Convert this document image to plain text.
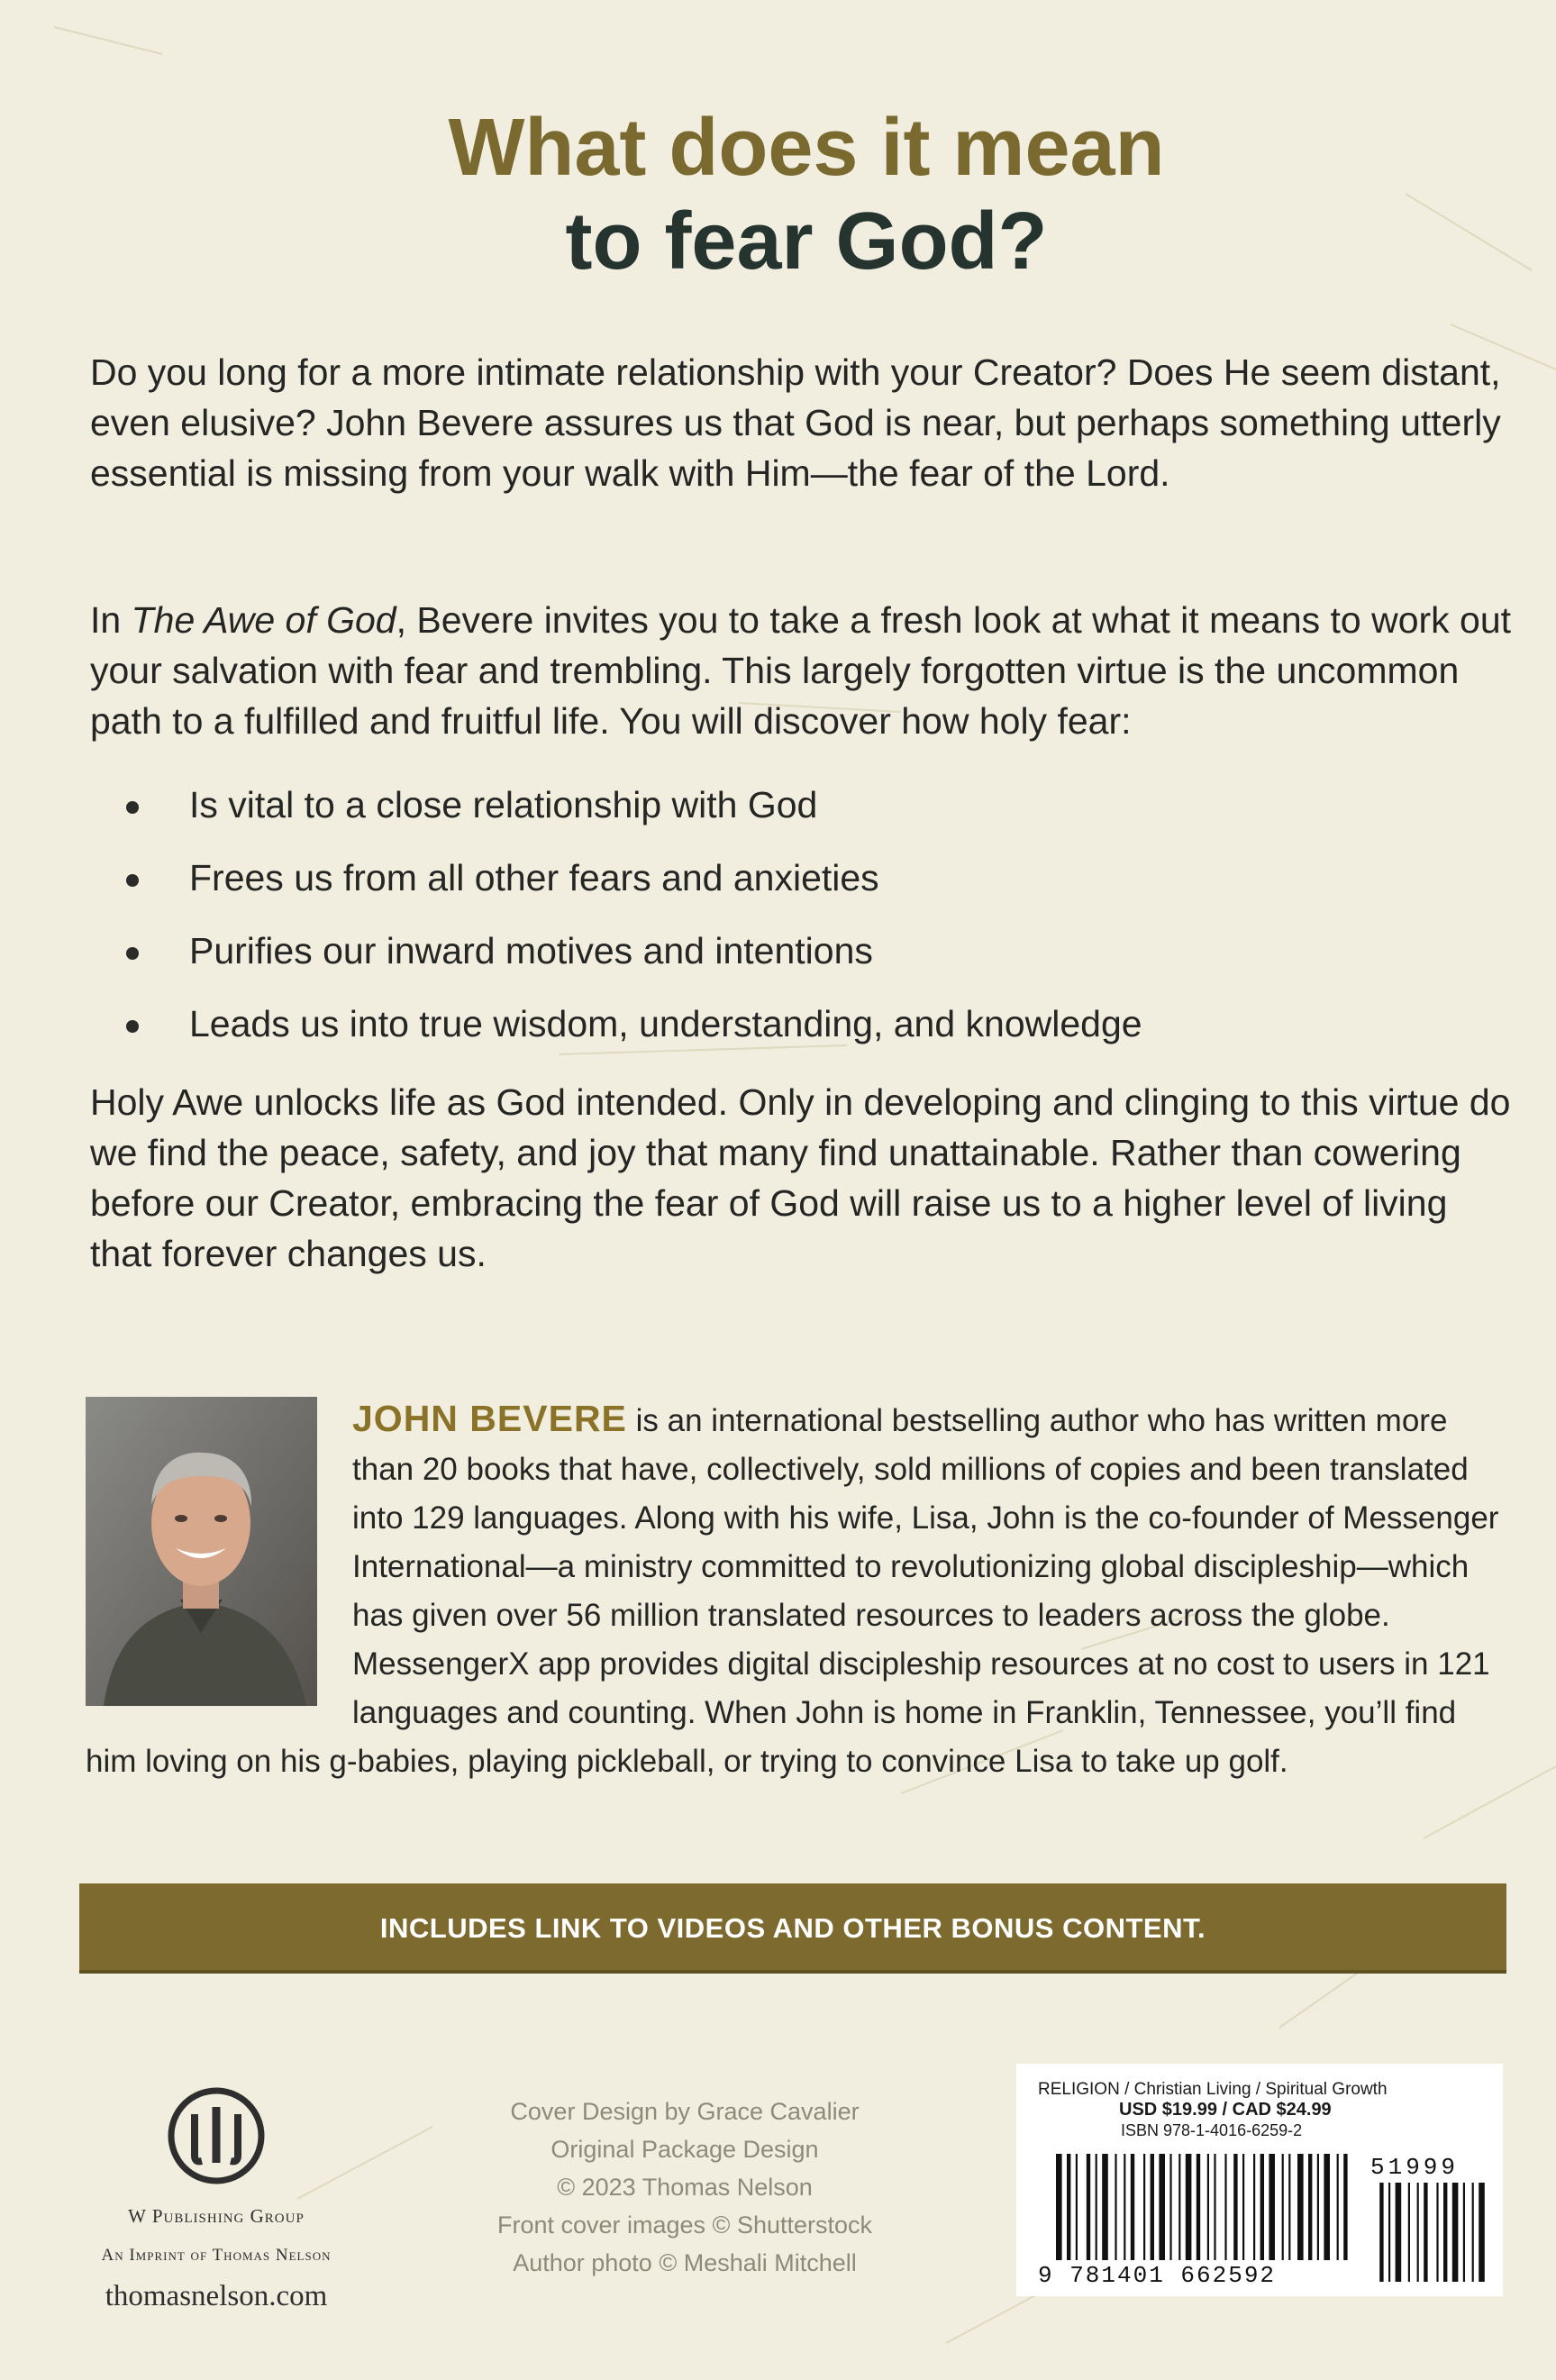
What does it mean
to fear God?

Do you long for a more intimate relationship with your Creator? Does He seem distant, even elusive? John Bevere assures us that God is near, but perhaps something utterly essential is missing from your walk with Him—the fear of the Lord.

In The Awe of God, Bevere invites you to take a fresh look at what it means to work out your salvation with fear and trembling. This largely forgotten virtue is the uncommon path to a fulfilled and fruitful life. You will discover how holy fear:

Is vital to a close relationship with God
Frees us from all other fears and anxieties
Purifies our inward motives and intentions
Leads us into true wisdom, understanding, and knowledge

Holy Awe unlocks life as God intended. Only in developing and clinging to this virtue do we find the peace, safety, and joy that many find unattainable. Rather than cowering before our Creator, embracing the fear of God will raise us to a higher level of living that forever changes us.

JOHN BEVERE is an international bestselling author who has written more than 20 books that have, collectively, sold millions of copies and been translated into 129 languages. Along with his wife, Lisa, John is the co-founder of Messenger International—a ministry committed to revolutionizing global discipleship—which has given over 56 million translated resources to leaders across the globe. MessengerX app provides digital discipleship resources at no cost to users in 121 languages and counting. When John is home in Franklin, Tennessee, you’ll find him loving on his g-babies, playing pickleball, or trying to convince Lisa to take up golf.

INCLUDES LINK TO VIDEOS AND OTHER BONUS CONTENT.
W Publishing Group
An Imprint of Thomas Nelson
thomasnelson.com
Cover Design by Grace Cavalier
Original Package Design
© 2023 Thomas Nelson
Front cover images © Shutterstock
Author photo © Meshali Mitchell
RELIGION / Christian Living / Spiritual Growth
USD $19.99 / CAD $24.99
ISBN 978-1-4016-6259-2
9 781401 662592
51999
